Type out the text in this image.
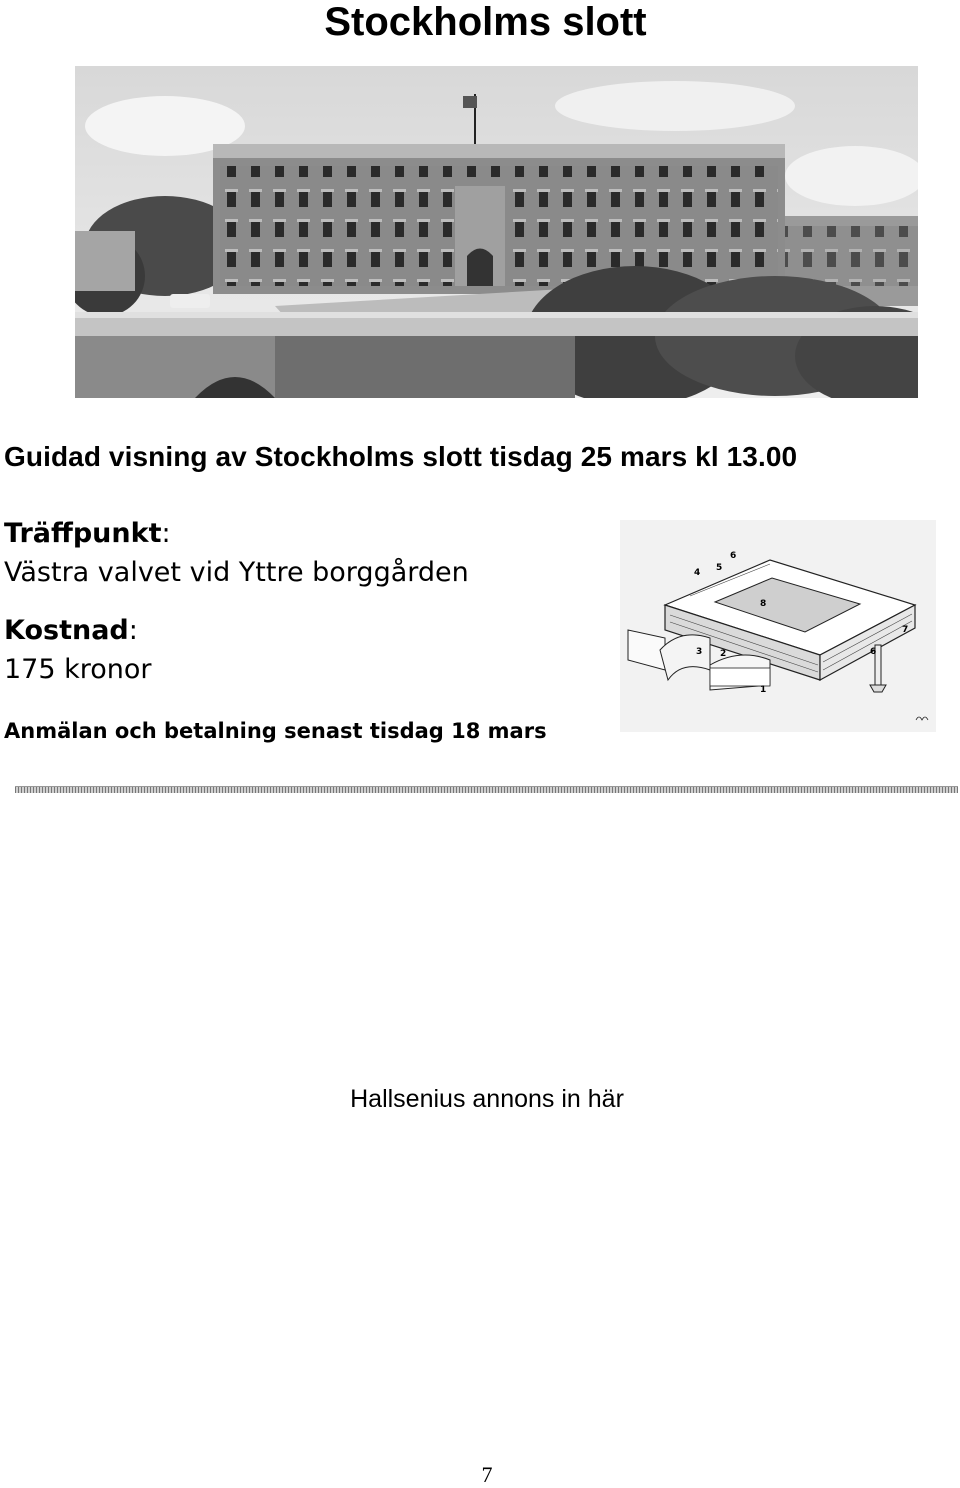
Stockholms slott
Guidad visning av Stockholms slott tisdag 25 mars kl 13.00
Träffpunkt:
Västra valvet vid Yttre borggården
Kostnad:
175 kronor
Anmälan och betalning senast tisdag 18 mars
1
2
3
4 5
6
7
8
6
Hallsenius annons in här
7
